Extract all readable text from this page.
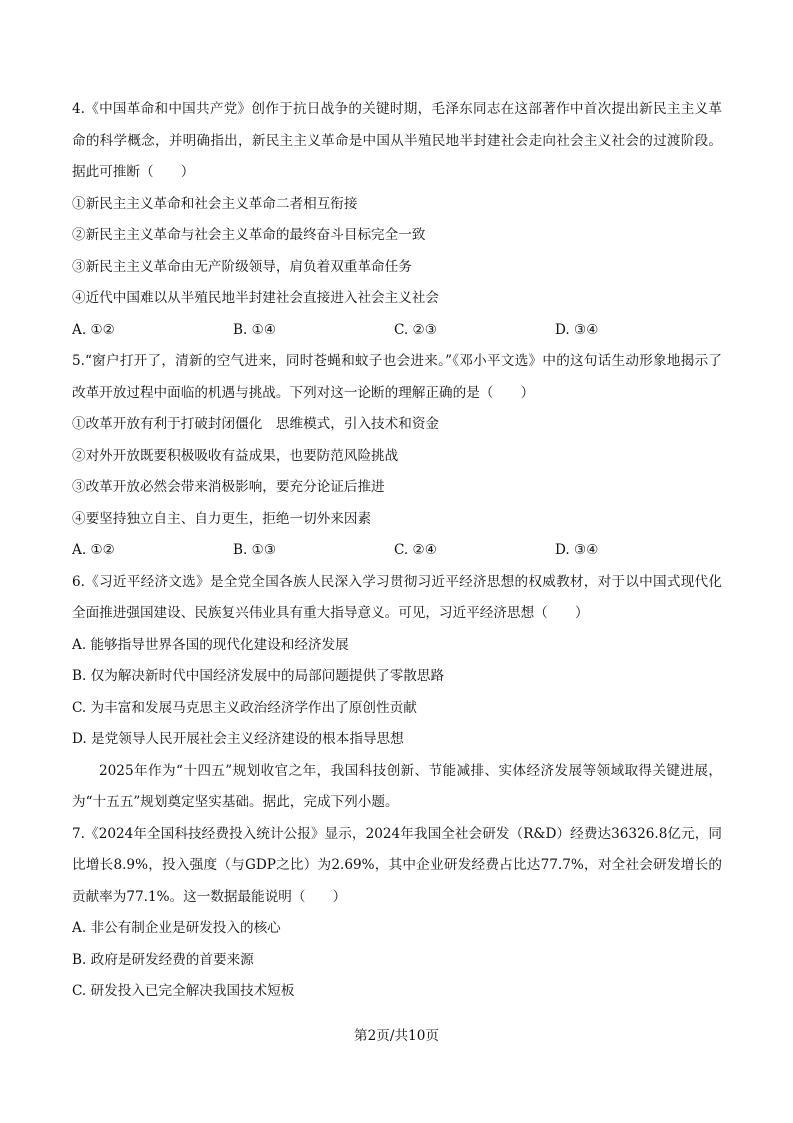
4.《中国革命和中国共产党》创作于抗日战争的关键时期，毛泽东同志在这部著作中首次提出新民主主义革命的科学概念，并明确指出，新民主主义革命是中国从半殖民地半封建社会走向社会主义社会的过渡阶段。据此可推断（　　）

①新民主主义革命和社会主义革命二者相互衔接

②新民主主义革命与社会主义革命的最终奋斗目标完全一致

③新民主主义革命由无产阶级领导，肩负着双重革命任务

④近代中国难以从半殖民地半封建社会直接进入社会主义社会

A. ①②	B. ①④	C. ②③	D. ③④

5.“窗户打开了，清新的空气进来，同时苍蝇和蚊子也会进来。”《邓小平文选》中的这句话生动形象地揭示了改革开放过程中面临的机遇与挑战。下列对这一论断的理解正确的是（　　）

①改革开放有利于打破封闭僵化　思维模式，引入技术和资金

②对外开放既要积极吸收有益成果，也要防范风险挑战

③改革开放必然会带来消极影响，要充分论证后推进

④要坚持独立自主、自力更生，拒绝一切外来因素

A. ①②	B. ①③	C. ②④	D. ③④

6.《习近平经济文选》是全党全国各族人民深入学习贯彻习近平经济思想的权威教材，对于以中国式现代化全面推进强国建设、民族复兴伟业具有重大指导意义。可见，习近平经济思想（　　）

A. 能够指导世界各国的现代化建设和经济发展

B. 仅为解决新时代中国经济发展中的局部问题提供了零散思路

C. 为丰富和发展马克思主义政治经济学作出了原创性贡献

D. 是党领导人民开展社会主义经济建设的根本指导思想

2025年作为“十四五”规划收官之年，我国科技创新、节能减排、实体经济发展等领域取得关键进展，为“十五五”规划奠定坚实基础。据此，完成下列小题。

7.《2024年全国科技经费投入统计公报》显示，2024年我国全社会研发（R&D）经费达36326.8亿元，同比增长8.9%，投入强度（与GDP之比）为2.69%，其中企业研发经费占比达77.7%，对全社会研发增长的贡献率为77.1%。这一数据最能说明（　　）

A. 非公有制企业是研发投入的核心

B. 政府是研发经费的首要来源

C. 研发投入已完全解决我国技术短板

第2页/共10页
